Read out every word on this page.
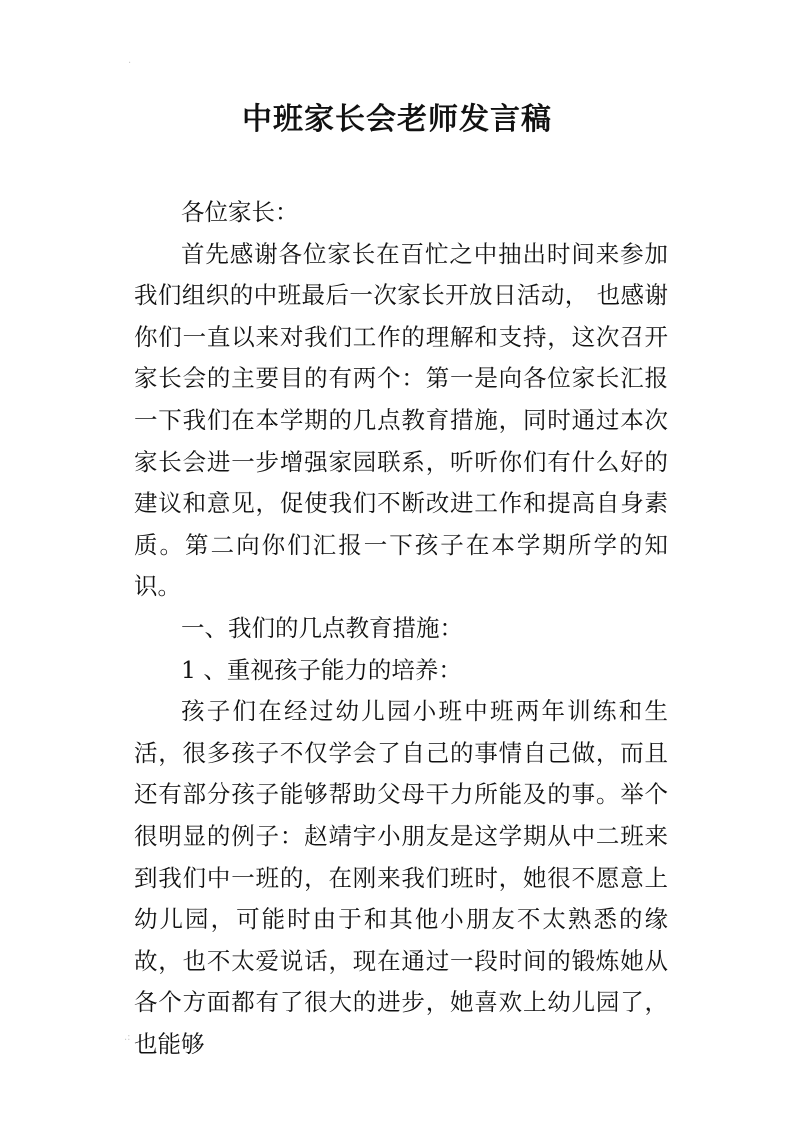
·
中班家长会老师发言稿

各位家长：

首先感谢各位家长在百忙之中抽出时间来参加我们组织的中班最后一次家长开放日活动， 也感谢你们一直以来对我们工作的理解和支持，这次召开家长会的主要目的有两个：第一是向各位家长汇报一下我们在本学期的几点教育措施，同时通过本次家长会进一步增强家园联系，听听你们有什么好的建议和意见，促使我们不断改进工作和提高自身素质。第二向你们汇报一下孩子在本学期所学的知识。

一、我们的几点教育措施：

1 、重视孩子能力的培养：

孩子们在经过幼儿园小班中班两年训练和生活，很多孩子不仅学会了自己的事情自己做，而且还有部分孩子能够帮助父母干力所能及的事。举个很明显的例子：赵靖宇小朋友是这学期从中二班来到我们中一班的，在刚来我们班时，她很不愿意上幼儿园，可能时由于和其他小朋友不太熟悉的缘故，也不太爱说话，现在通过一段时间的锻炼她从各个方面都有了很大的进步，她喜欢上幼儿园了，也能够

.:
